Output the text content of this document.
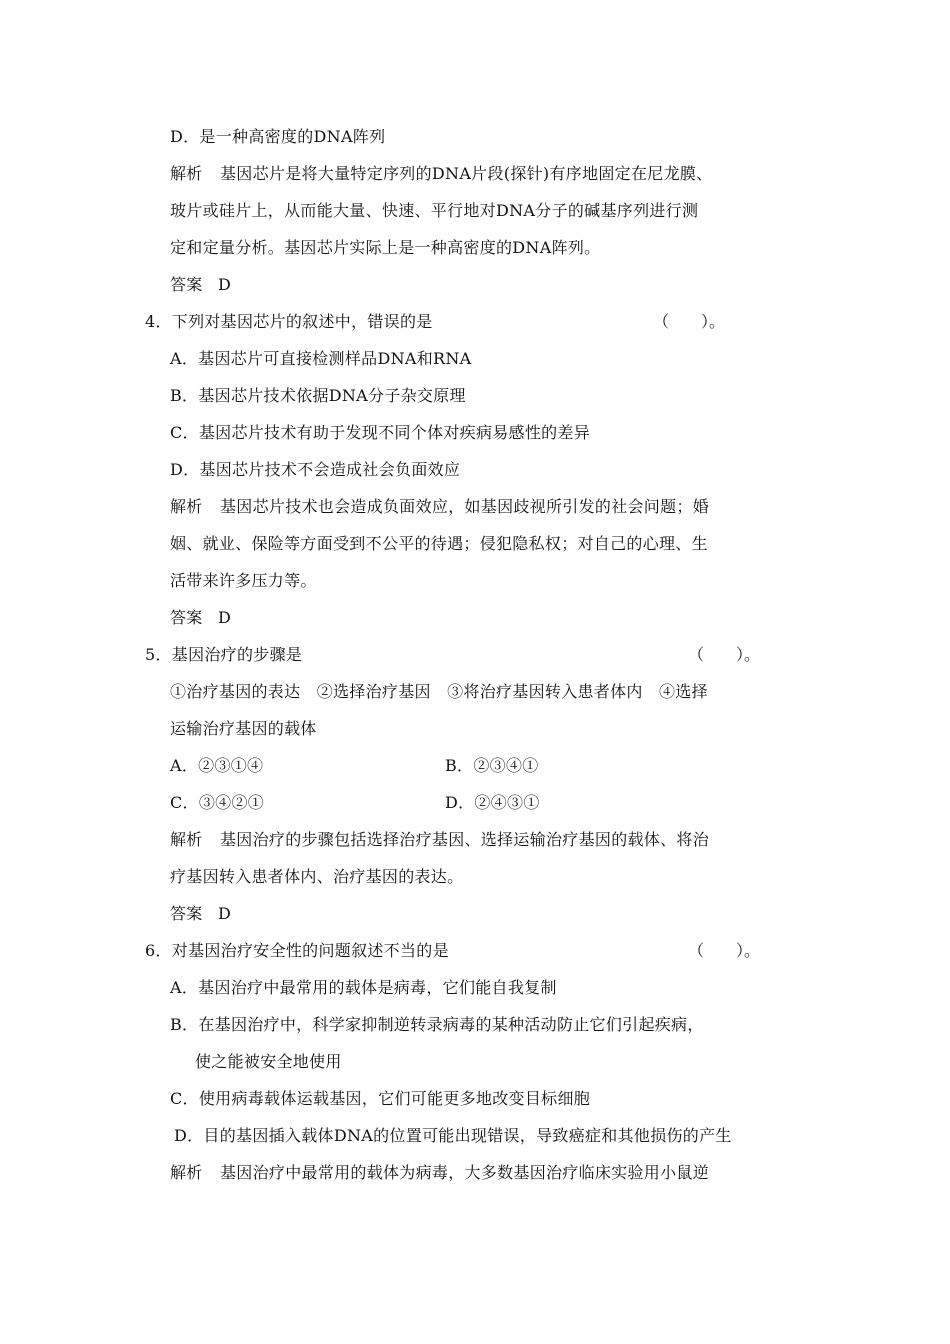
D．是一种高密度的DNA阵列
解析 基因芯片是将大量特定序列的DNA片段(探针)有序地固定在尼龙膜、
玻片或硅片上，从而能大量、快速、平行地对DNA分子的碱基序列进行测
定和定量分析。基因芯片实际上是一种高密度的DNA阵列。
答案 D
4．下列对基因芯片的叙述中，错误的是	（　　）。
A．基因芯片可直接检测样品DNA和RNA
B．基因芯片技术依据DNA分子杂交原理
C．基因芯片技术有助于发现不同个体对疾病易感性的差异
D．基因芯片技术不会造成社会负面效应
解析 基因芯片技术也会造成负面效应，如基因歧视所引发的社会问题；婚
姻、就业、保险等方面受到不公平的待遇；侵犯隐私权；对自己的心理、生
活带来许多压力等。
答案 D
5．基因治疗的步骤是	（　　）。
①治疗基因的表达　②选择治疗基因　③将治疗基因转入患者体内　④选择
运输治疗基因的载体
A．②③①④	B．②③④①
C．③④②①	D．②④③①
解析 基因治疗的步骤包括选择治疗基因、选择运输治疗基因的载体、将治
疗基因转入患者体内、治疗基因的表达。
答案 D
6．对基因治疗安全性的问题叙述不当的是	（　　）。
A．基因治疗中最常用的载体是病毒，它们能自我复制
B．在基因治疗中，科学家抑制逆转录病毒的某种活动防止它们引起疾病，
使之能被安全地使用
C．使用病毒载体运载基因，它们可能更多地改变目标细胞
D．目的基因插入载体DNA的位置可能出现错误，导致癌症和其他损伤的产生
解析 基因治疗中最常用的载体为病毒，大多数基因治疗临床实验用小鼠逆
